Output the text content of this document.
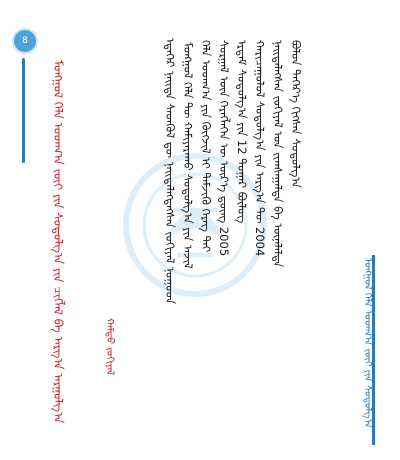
8
ᠮᠣᠩᠭᠣᠯ ᠬᠡᠯᠡ ᠤᠳᠬ᠎ᠠ ᠵᠦᠢ ᠶᠢᠨ ᠰᠤᠳᠤᠯᠭ᠎ᠠ ᠶᠢᠨ ᠴᠢᠭᠯᠡᠯ ᠪᠠ ᠠᠷᠭ᠎ᠠ ᠠᠷᠭᠤᠯᠭ᠎ᠠ	ᠬᠠᠮᠲᠤ ᠵᠣᠬᠢᠶᠠᠯ
ᠡᠳᠡᠭᠡᠷ ᠨᠡᠢᠲᠡ ᠰᠡᠳᠬᠦᠯ ᠳᠦ ᠨᠡᠢᠲᠡᠯᠡᠭᠳᠡᠭᠰᠡᠨ ᠵᠣᠬᠢᠶᠠᠯ ᠨᠤᠭᠤᠳ ᠮᠣᠩᠭᠣᠯ ᠬᠡᠯᠡ ᠲᠦ ᠬᠠᠮᠢᠶᠠᠷᠠᠬᠤ ᠰᠤᠳᠤᠯᠭ᠎ᠠ ᠶᠢᠨ ᠠᠵᠢᠯ ᠬᠡᠯᠡ ᠤᠳᠬ᠎ᠠ ᠶᠢᠨ ᠬᠥᠭᠵᠢᠯ ᠢ ᠳᠡᠮᠵᠢᠬᠦ ᠬᠡᠷᠡᠭ ᠲᠡᠢ ᠰᠤᠷᠭᠠᠯ ᠦᠨ ᠬᠡᠷᠡᠭᠯᠡᠭᠡᠨ ᠦ ᠦᠷ᠎ᠡ ᠳ᠋ᠦᠩ 2005 ᠡᠷᠳᠡᠮ ᠰᠤᠳᠤᠯᠭ᠎ᠠ ᠶᠢᠨ 12 ᠳᠤᠭᠠᠷ ᠪᠦᠯᠦᠭ ᠬᠠᠷᠢᠴᠠᠭᠤᠯᠤᠯ ᠰᠤᠳᠤᠯᠭ᠎ᠠ ᠶᠢᠨ ᠠᠷᠭ᠎ᠠ ᠲᠦ 2004 ᠨᠡᠢᠲᠡᠯᠡᠭᠰᠡᠨ ᠵᠣᠬᠢᠶᠠᠯ ᠤᠨ ᠵᠢᠭᠰᠠᠭᠠᠯᠲᠠ ᠪᠠ ᠦᠨᠡᠯᠡᠯᠲᠡ ᠪᠣᠯᠣᠨ ᠳᠡᠭᠡᠷ᠎ᠡ ᠬᠢᠭᠰᠡᠨ ᠰᠤᠳᠤᠯᠭ᠎ᠠ
ᠮᠣᠩᠭᠣᠯ ᠬᠡᠯᠡ ᠤᠳᠬ᠎ᠠ ᠵᠦᠢ ᠶᠢᠨ ᠰᠤᠳᠤᠯᠭ᠎ᠠ
